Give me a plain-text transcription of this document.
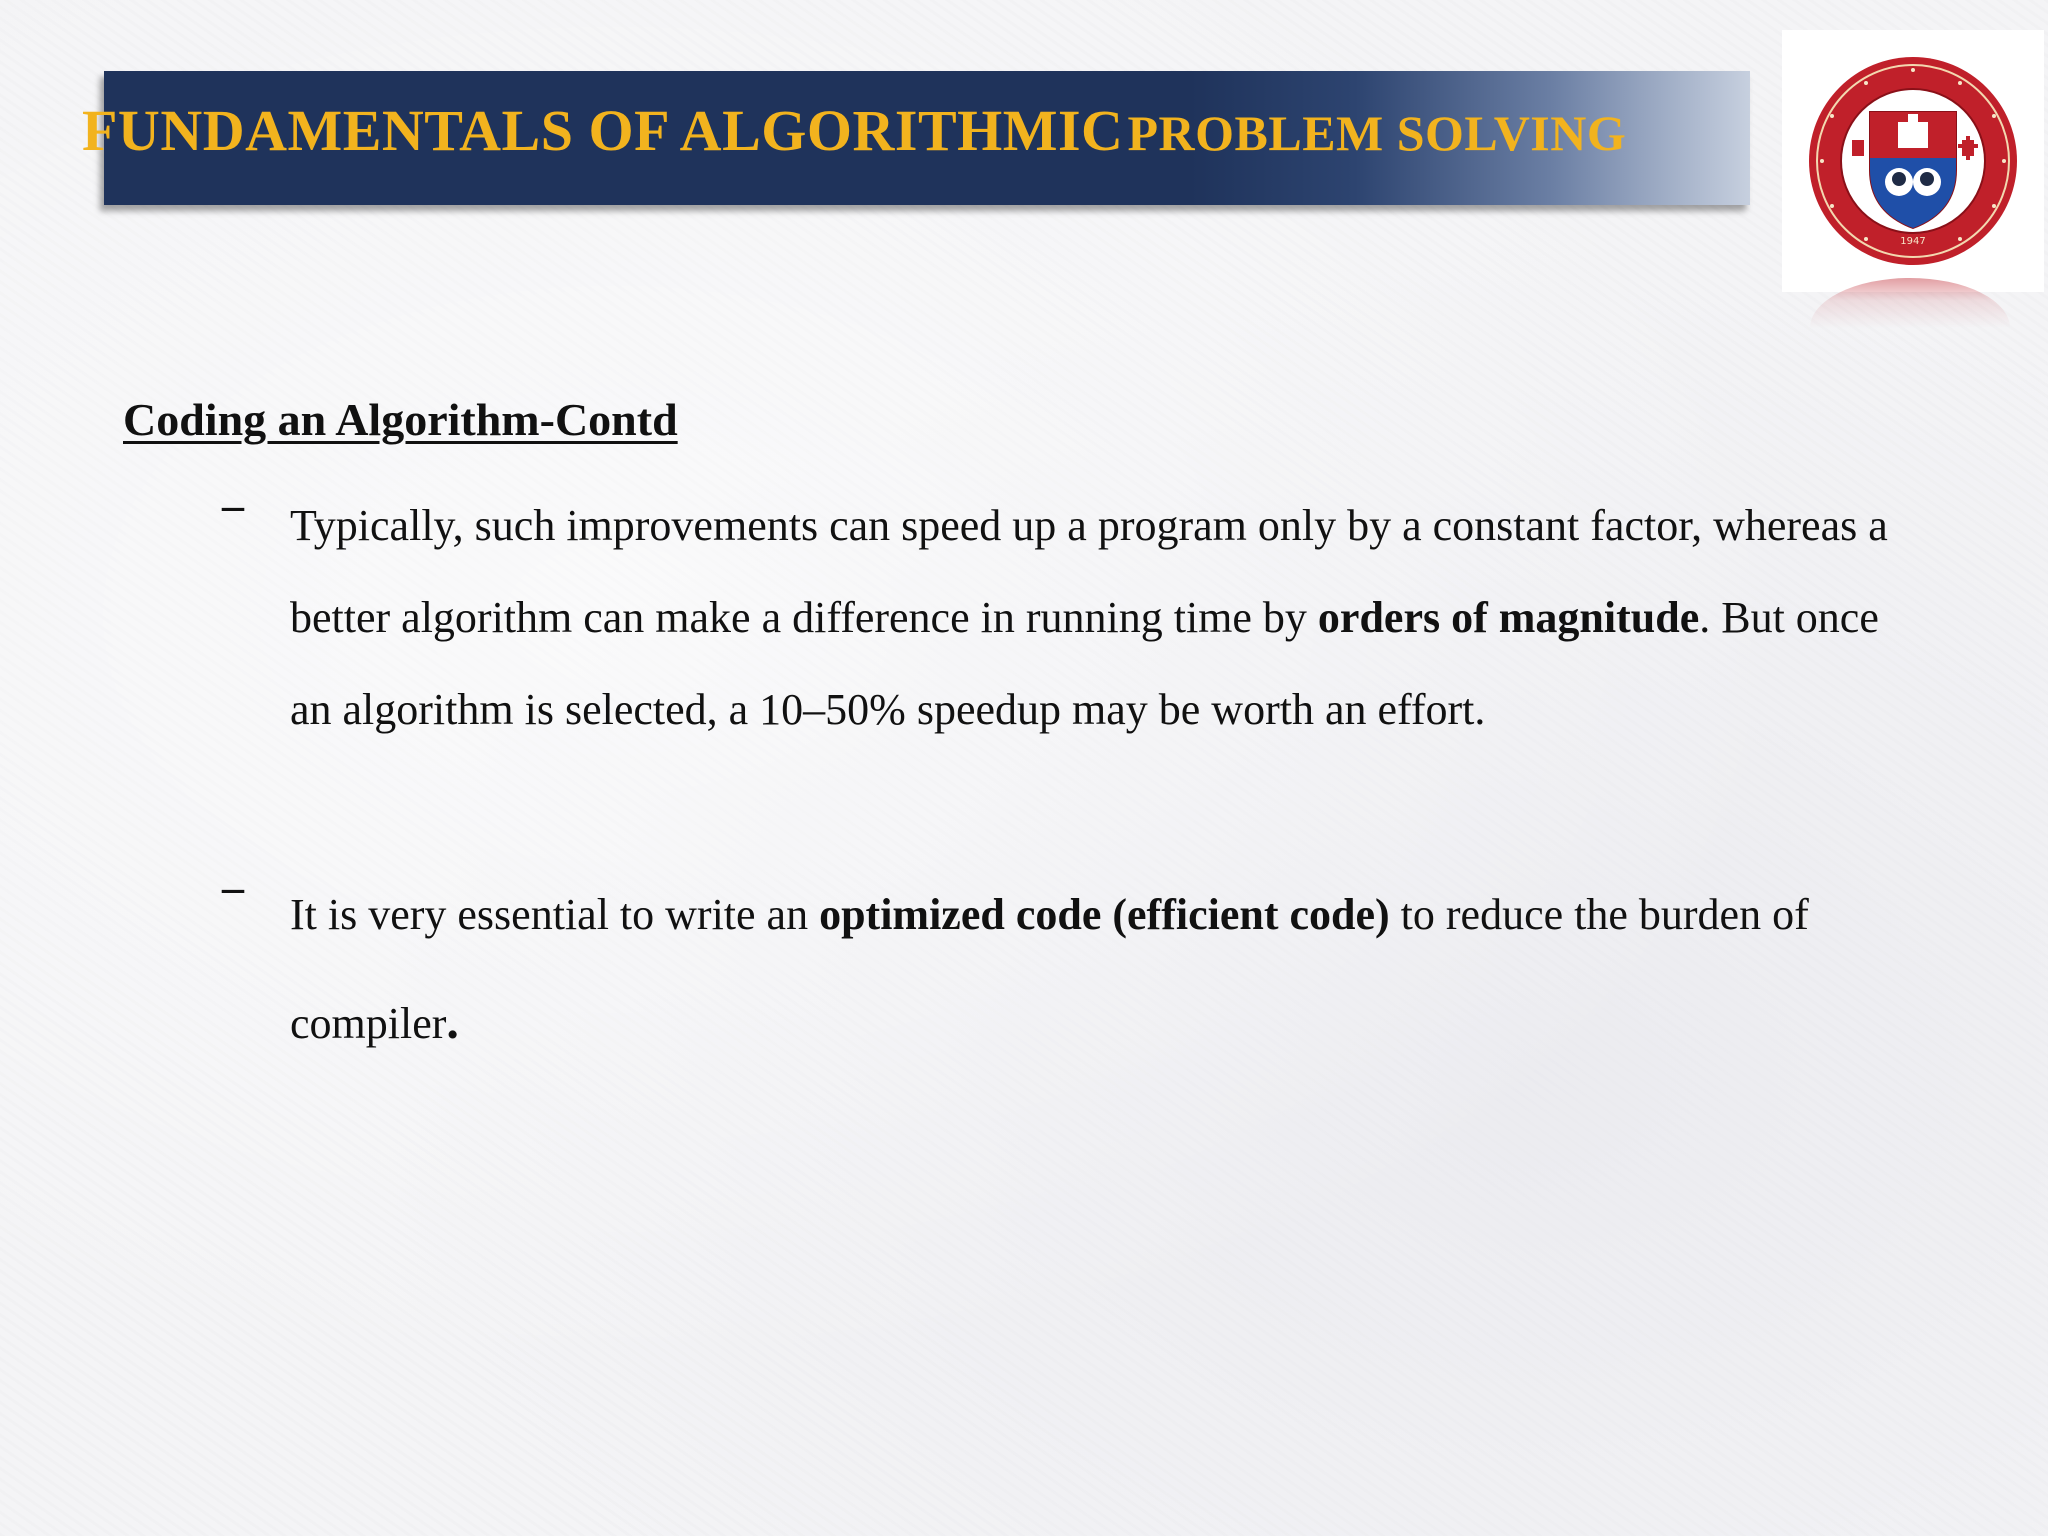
FUNDAMENTALS OF ALGORITHMIC PROBLEM SOLVING
1947
Coding an Algorithm-Contd
– Typically, such improvements can speed up a program only by a constant factor, whereas a better algorithm can make a difference in running time by orders of magnitude. But once an algorithm is selected, a 10–50% speedup may be worth an effort.
–
It is very essential to write an optimized code (efficient code) to reduce the burden of compiler.
